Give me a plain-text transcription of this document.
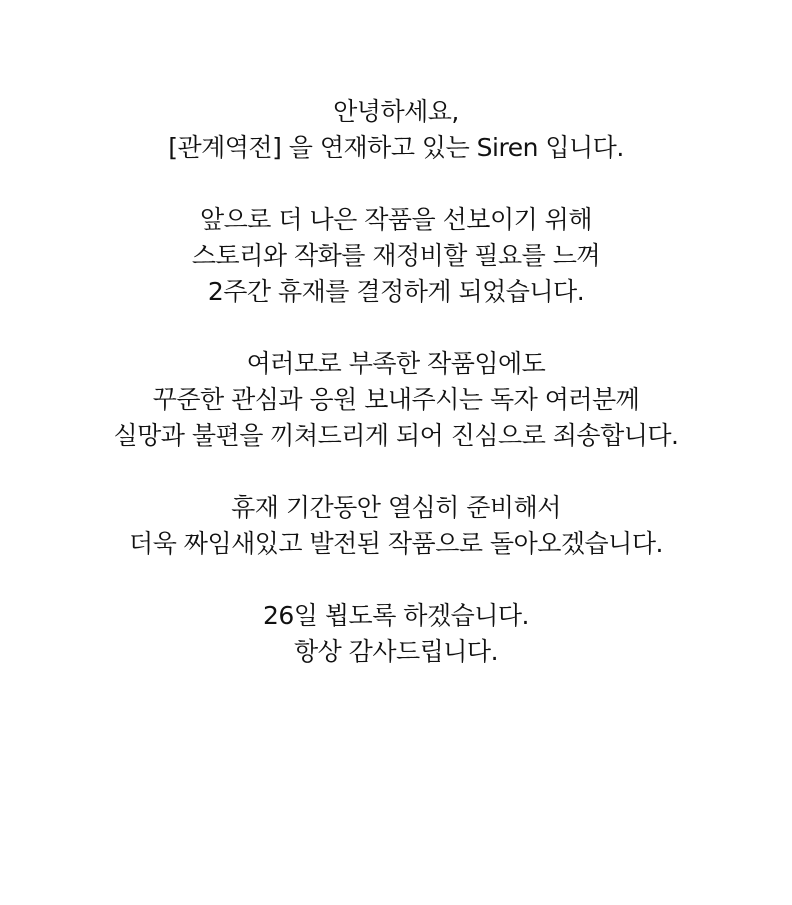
안녕하세요,
[관계역전] 을 연재하고 있는 Siren 입니다.

앞으로 더 나은 작품을 선보이기 위해
스토리와 작화를 재정비할 필요를 느껴
2주간 휴재를 결정하게 되었습니다.

여러모로 부족한 작품임에도
꾸준한 관심과 응원 보내주시는 독자 여러분께
실망과 불편을 끼쳐드리게 되어 진심으로 죄송합니다.

휴재 기간동안 열심히 준비해서
더욱 짜임새있고 발전된 작품으로 돌아오겠습니다.

26일 뵙도록 하겠습니다.
항상 감사드립니다.
